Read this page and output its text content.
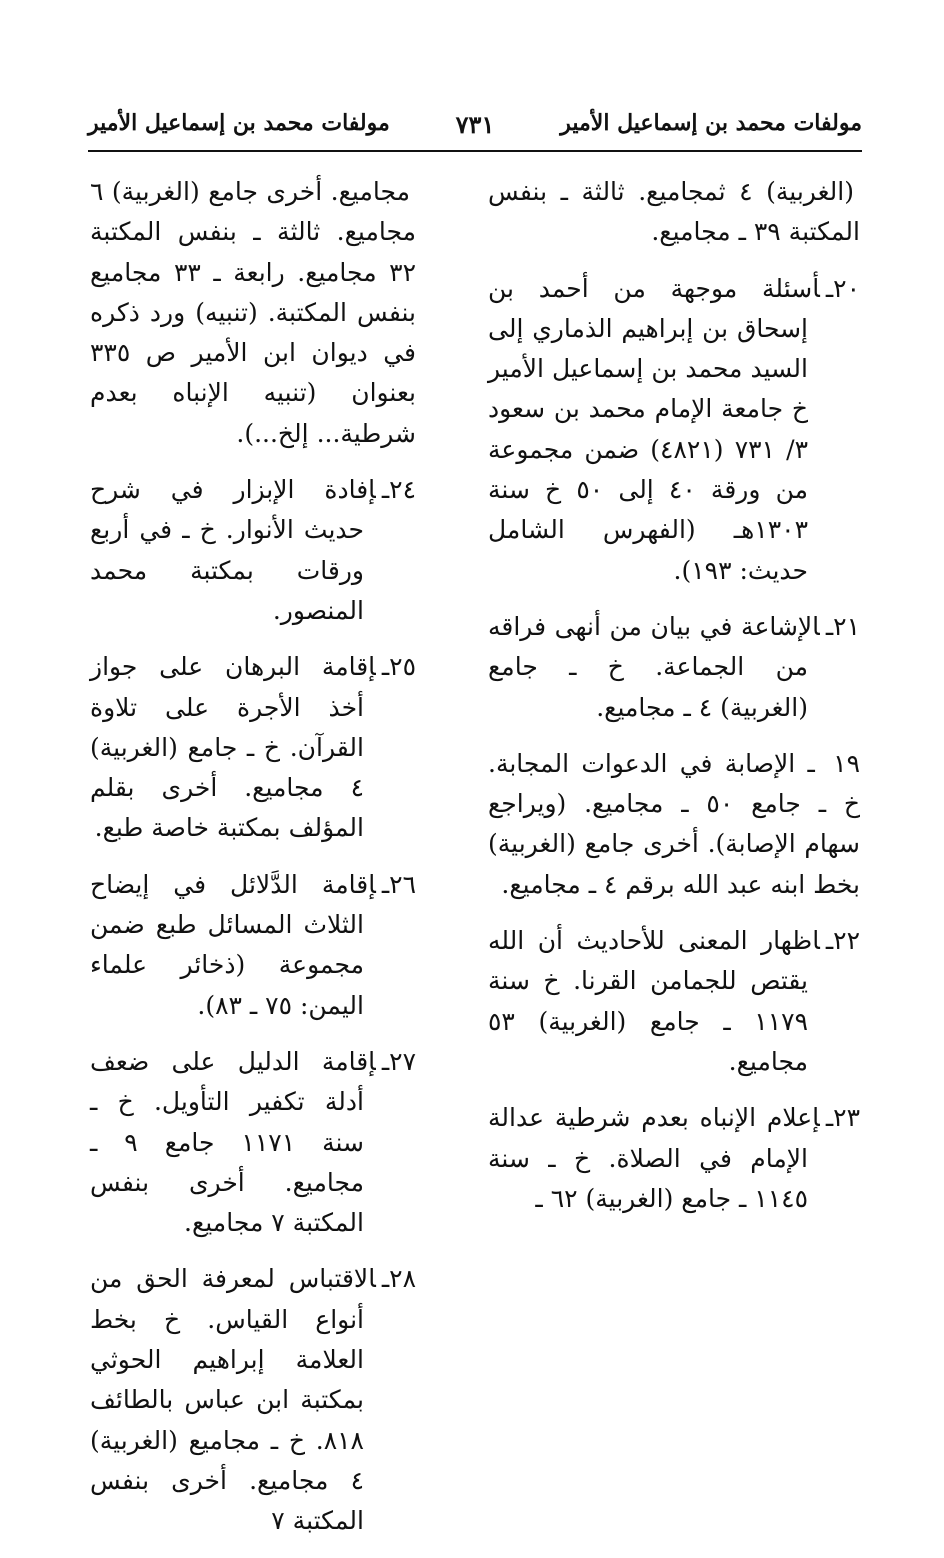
مولفات محمد بن إسماعيل الأمير
٧٣١
مولفات محمد بن إسماعيل الأمير

(الغربية) ٤ ثمجاميع. ثالثة ـ بنفس المكتبة ٣٩ ـ مجاميع.

٢٠ـأسئلة موجهة من أحمد بن إسحاق بن إبراهيم الذماري إلى السيد محمد بن إسماعيل الأمير خ جامعة الإمام محمد بن سعود ٣/ ٧٣١ (٤٨٢١) ضمن مجموعة من ورقة ٤٠ إلى ٥٠ خ سنة ١٣٠٣هـ (الفهرس الشامل حديث: ١٩٣).

٢١ـالإشاعة في بيان من أنهى فراقه من الجماعة. خ ـ جامع (الغربية) ٤ ـ مجاميع.

١٩ ـ الإصابة في الدعوات المجابة. خ ـ جامع ٥٠ ـ مجاميع. (ويراجع سهام الإصابة). أخرى جامع (الغربية) بخط ابنه عبد الله برقم ٤ ـ مجاميع.

٢٢ـاظهار المعنى للأحاديث أن الله يقتص للجمامن القرنا. خ سنة ١١٧٩ ـ جامع (الغربية) ٥٣ مجاميع.

٢٣ـإعلام الإنباه بعدم شرطية عدالة الإمام في الصلاة. خ ـ سنة ١١٤٥ ـ جامع (الغربية) ٦٢ ـ

مجاميع. أخرى جامع (الغربية) ٦ مجاميع. ثالثة ـ بنفس المكتبة ٣٢ مجاميع. رابعة ـ ٣٣ مجاميع بنفس المكتبة. (تنبيه) ورد ذكره في ديوان ابن الأمير ص ٣٣٥ بعنوان (تنبيه الإنباه بعدم شرطية... إلخ...).

٢٤ـإفادة الإبزار في شرح حديث الأنوار. خ ـ في أربع ورقات بمكتبة محمد المنصور.

٢٥ـإقامة البرهان على جواز أخذ الأجرة على تلاوة القرآن. خ ـ جامع (الغربية) ٤ مجاميع. أخرى بقلم المؤلف بمكتبة خاصة طبع.

٢٦ـإقامة الدَّلائل في إيضاح الثلاث المسائل طبع ضمن مجموعة (ذخائر علماء اليمن: ٧٥ ـ ٨٣).

٢٧ـإقامة الدليل على ضعف أدلة تكفير التأويل. خ ـ سنة ١١٧١ جامع ٩ ـ مجاميع. أخرى بنفس المكتبة ٧ مجاميع.

٢٨ـالاقتباس لمعرفة الحق من أنواع القياس. خ بخط العلامة إبراهيم الحوثي بمكتبة ابن عباس بالطائف ٨١٨. خ ـ مجاميع (الغربية) ٤ مجاميع. أخرى بنفس المكتبة ٧
